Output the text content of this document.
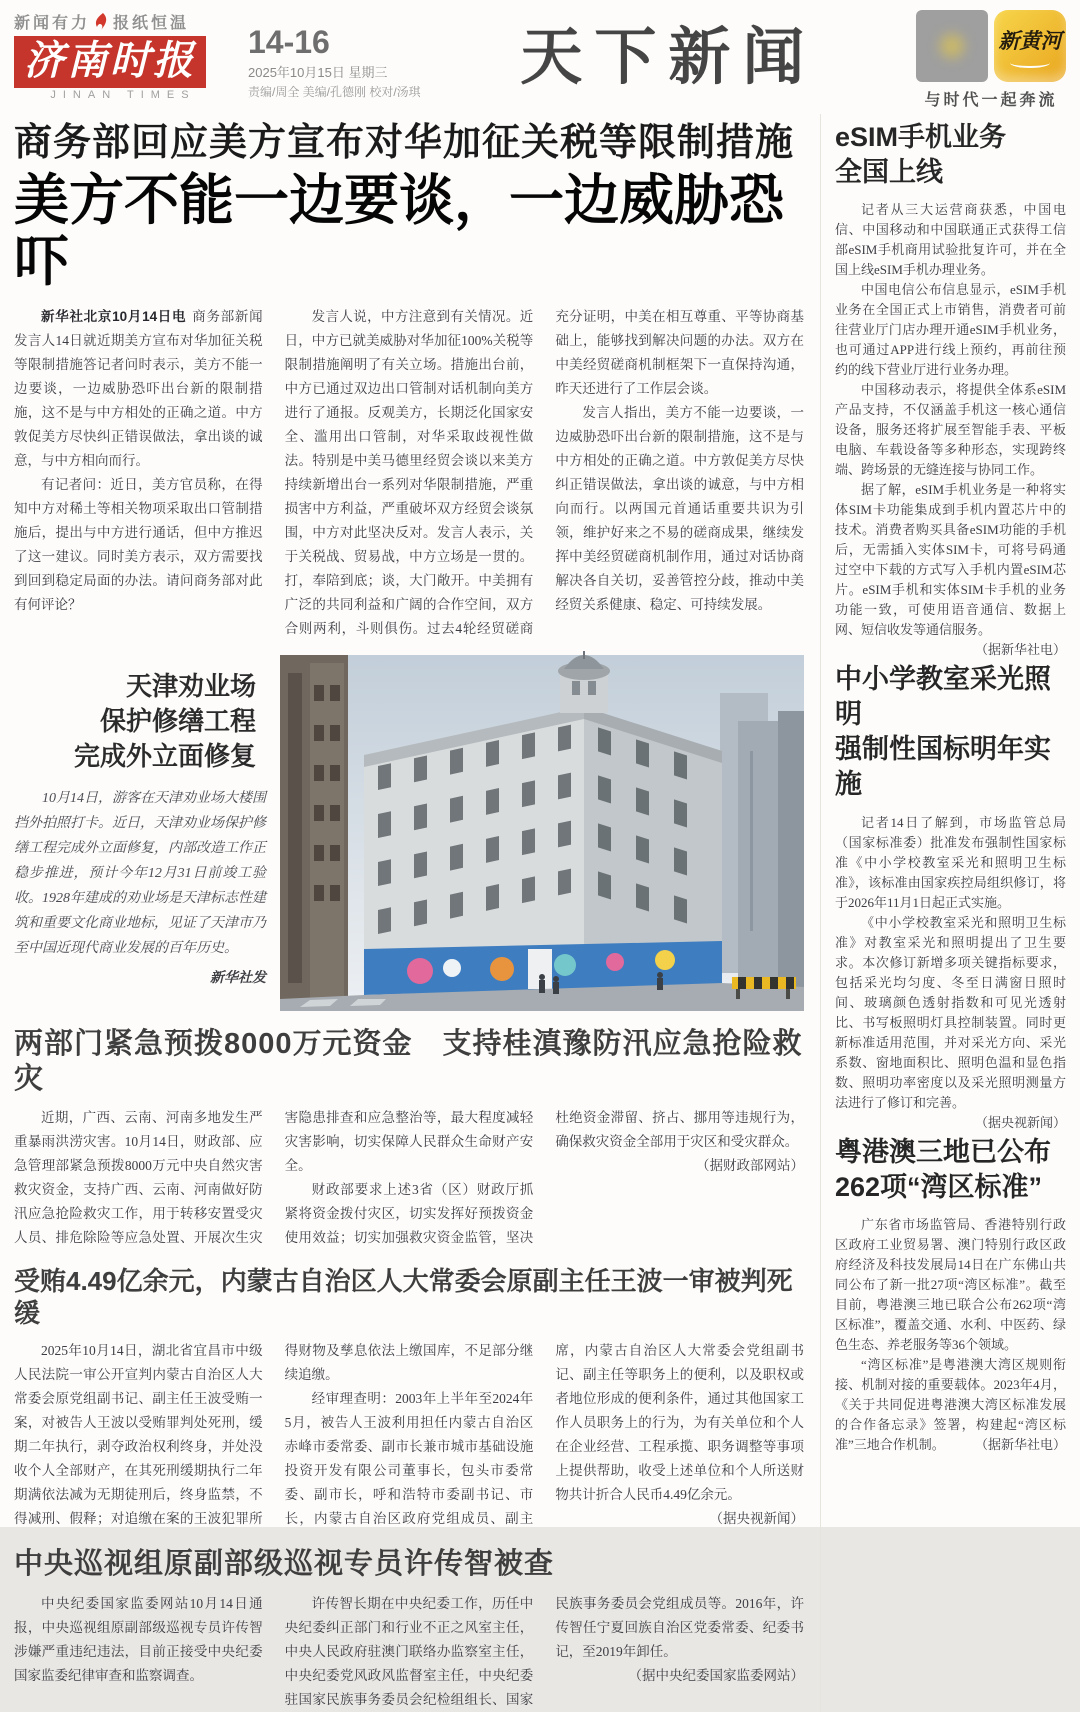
新闻有力 报纸恒温
济南时报
JINAN TIMES
14-16
2025年10月15日 星期三
责编/周全 美编/孔德刚 校对/汤琪	天下新闻	新黄河
与时代一起奔流
商务部回应美方宣布对华加征关税等限制措施
美方不能一边要谈，一边威胁恐吓

新华社北京10月14日电 商务部新闻发言人14日就近期美方宣布对华加征关税等限制措施答记者问时表示，美方不能一边要谈，一边威胁恐吓出台新的限制措施，这不是与中方相处的正确之道。中方敦促美方尽快纠正错误做法，拿出谈的诚意，与中方相向而行。

有记者问：近日，美方官员称，在得知中方对稀土等相关物项采取出口管制措施后，提出与中方进行通话，但中方推迟了这一建议。同时美方表示，双方需要找到回到稳定局面的办法。请问商务部对此有何评论？

发言人说，中方注意到有关情况。近日，中方已就美威胁对华加征100%关税等限制措施阐明了有关立场。措施出台前，中方已通过双边出口管制对话机制向美方进行了通报。反观美方，长期泛化国家安全、滥用出口管制，对华采取歧视性做法。特别是中美马德里经贸会谈以来美方持续新增出台一系列对华限制措施，严重损害中方利益，严重破坏双方经贸会谈氛围，中方对此坚决反对。发言人表示，关于关税战、贸易战，中方立场是一贯的。打，奉陪到底；谈，大门敞开。中美拥有广泛的共同利益和广阔的合作空间，双方合则两利，斗则俱伤。过去4轮经贸磋商充分证明，中美在相互尊重、平等协商基础上，能够找到解决问题的办法。双方在中美经贸磋商机制框架下一直保持沟通，昨天还进行了工作层会谈。

发言人指出，美方不能一边要谈，一边威胁恐吓出台新的限制措施，这不是与中方相处的正确之道。中方敦促美方尽快纠正错误做法，拿出谈的诚意，与中方相向而行。以两国元首通话重要共识为引领，维护好来之不易的磋商成果，继续发挥中美经贸磋商机制作用，通过对话协商解决各自关切，妥善管控分歧，推动中美经贸关系健康、稳定、可持续发展。

天津劝业场
保护修缮工程
完成外立面修复

10月14日，游客在天津劝业场大楼围挡外拍照打卡。近日，天津劝业场保护修缮工程完成外立面修复，内部改造工作正稳步推进，预计今年12月31日前竣工验收。1928年建成的劝业场是天津标志性建筑和重要文化商业地标，见证了天津市乃至中国近现代商业发展的百年历史。

新华社发
两部门紧急预拨8000万元资金　支持桂滇豫防汛应急抢险救灾

近期，广西、云南、河南多地发生严重暴雨洪涝灾害。10月14日，财政部、应急管理部紧急预拨8000万元中央自然灾害救灾资金，支持广西、云南、河南做好防汛应急抢险救灾工作，用于转移安置受灾人员、排危除险等应急处置、开展次生灾害隐患排查和应急整治等，最大程度减轻灾害影响，切实保障人民群众生命财产安全。

财政部要求上述3省（区）财政厅抓紧将资金拨付灾区，切实发挥好预拨资金使用效益；切实加强救灾资金监管，坚决杜绝资金滞留、挤占、挪用等违规行为，确保救灾资金全部用于灾区和受灾群众。
（据财政部网站）

受贿4.49亿余元，内蒙古自治区人大常委会原副主任王波一审被判死缓

2025年10月14日，湖北省宜昌市中级人民法院一审公开宣判内蒙古自治区人大常委会原党组副书记、副主任王波受贿一案，对被告人王波以受贿罪判处死刑，缓期二年执行，剥夺政治权利终身，并处没收个人全部财产，在其死刑缓期执行二年期满依法减为无期徒刑后，终身监禁，不得减刑、假释；对追缴在案的王波犯罪所得财物及孳息依法上缴国库，不足部分继续追缴。

经审理查明：2003年上半年至2024年5月，被告人王波利用担任内蒙古自治区赤峰市委常委、副市长兼市城市基础设施投资开发有限公司董事长，包头市委常委、副市长，呼和浩特市委副书记、市长，内蒙古自治区政府党组成员、副主席，内蒙古自治区人大常委会党组副书记、副主任等职务上的便利，以及职权或者地位形成的便利条件，通过其他国家工作人员职务上的行为，为有关单位和个人在企业经营、工程承揽、职务调整等事项上提供帮助，收受上述单位和个人所送财物共计折合人民币4.49亿余元。
（据央视新闻）

中央巡视组原副部级巡视专员许传智被查

中央纪委国家监委网站10月14日通报，中央巡视组原副部级巡视专员许传智涉嫌严重违纪违法，目前正接受中央纪委国家监委纪律审查和监察调查。

许传智长期在中央纪委工作，历任中央纪委纠正部门和行业不正之风室主任，中央人民政府驻澳门联络办监察室主任，中央纪委党风政风监督室主任，中央纪委驻国家民族事务委员会纪检组组长、国家民族事务委员会党组成员等。2016年，许传智任宁夏回族自治区党委常委、纪委书记，至2019年卸任。

（据中央纪委国家监委网站）

eSIM手机业务
全国上线

记者从三大运营商获悉，中国电信、中国移动和中国联通正式获得工信部eSIM手机商用试验批复许可，并在全国上线eSIM手机办理业务。

中国电信公布信息显示，eSIM手机业务在全国正式上市销售，消费者可前往营业厅门店办理开通eSIM手机业务，也可通过APP进行线上预约，再前往预约的线下营业厅进行业务办理。

中国移动表示，将提供全体系eSIM产品支持，不仅涵盖手机这一核心通信设备，服务还将扩展至智能手表、平板电脑、车载设备等多种形态，实现跨终端、跨场景的无缝连接与协同工作。

据了解，eSIM手机业务是一种将实体SIM卡功能集成到手机内置芯片中的技术。消费者购买具备eSIM功能的手机后，无需插入实体SIM卡，可将号码通过空中下载的方式写入手机内置eSIM芯片。eSIM手机和实体SIM卡手机的业务功能一致，可使用语音通信、数据上网、短信收发等通信服务。
（据新华社电）

中小学教室采光照明
强制性国标明年实施

记者14日了解到，市场监管总局（国家标准委）批准发布强制性国家标准《中小学校教室采光和照明卫生标准》，该标准由国家疾控局组织修订，将于2026年11月1日起正式实施。

《中小学校教室采光和照明卫生标准》对教室采光和照明提出了卫生要求。本次修订新增多项关键指标要求，包括采光均匀度、冬至日满窗日照时间、玻璃颜色透射指数和可见光透射比、书写板照明灯具控制装置。同时更新标准适用范围，并对采光方向、采光系数、窗地面积比、照明色温和显色指数、照明功率密度以及采光照明测量方法进行了修订和完善。
（据央视新闻）

粤港澳三地已公布
262项“湾区标准”

广东省市场监管局、香港特别行政区政府工业贸易署、澳门特别行政区政府经济及科技发展局14日在广东佛山共同公布了新一批27项“湾区标准”。截至目前，粤港澳三地已联合公布262项“湾区标准”，覆盖交通、水利、中医药、绿色生态、养老服务等36个领域。

“湾区标准”是粤港澳大湾区规则衔接、机制对接的重要载体。2023年4月，《关于共同促进粤港澳大湾区标准发展的合作备忘录》签署，构建起“湾区标准”三地合作机制。	（据新华社电）
